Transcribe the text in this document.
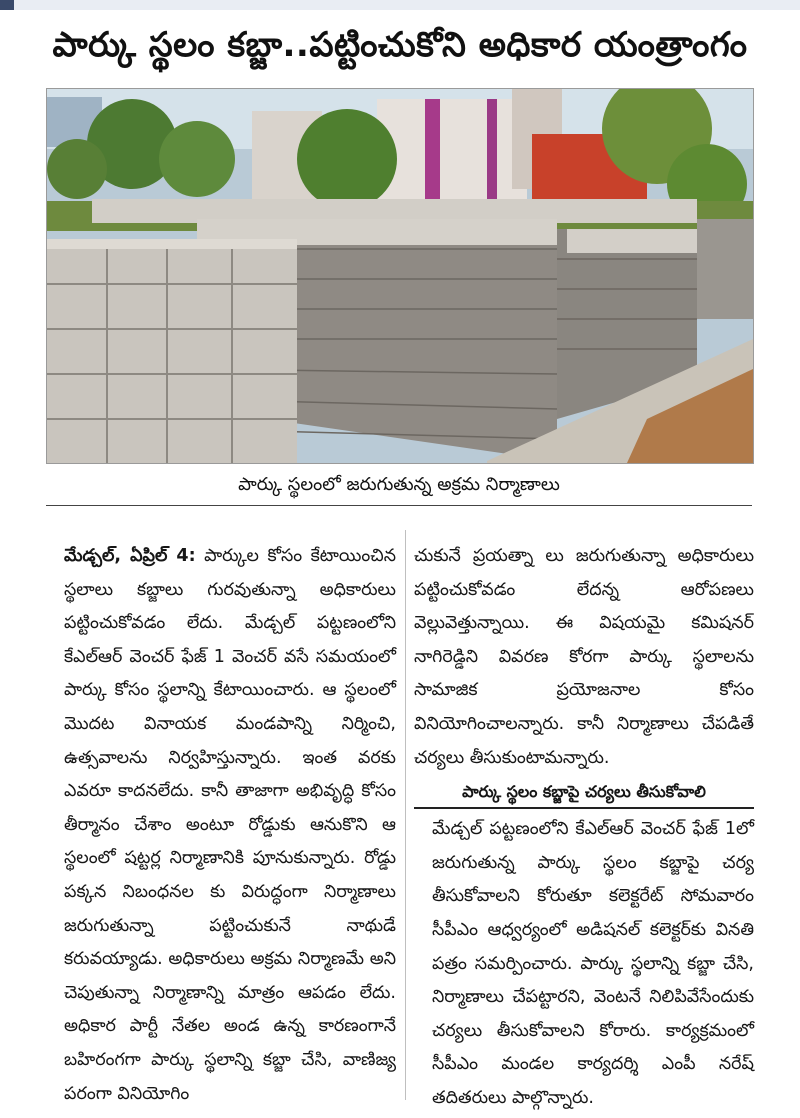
పార్కు స్థలం కబ్జా..పట్టించుకోని అధికార యంత్రాంగం
పార్కు స్థలంలో జరుగుతున్న అక్రమ నిర్మాణాలు

మేడ్చల్, ఏప్రిల్ 4: పార్కుల కోసం కేటాయించిన స్థలాలు కబ్జాలు గురవుతున్నా అధికారులు పట్టించుకోవడం లేదు. మేడ్చల్ పట్టణంలోని కేఎల్ఆర్ వెంచర్ ఫేజ్ 1 వెంచర్ వసే సమయంలో పార్కు కోసం స్థలాన్ని కేటాయించారు. ఆ స్థలంలో మొదట వినాయక మండపాన్ని నిర్మించి, ఉత్సవాలను నిర్వహిస్తున్నారు. ఇంత వరకు ఎవరూ కాదనలేదు. కానీ తాజాగా అభివృద్ధి కోసం తీర్మానం చేశాం అంటూ రోడ్డుకు ఆనుకొని ఆ స్థలంలో షట్టర్ల నిర్మాణానికి పూనుకున్నారు. రోడ్డు పక్కన నిబంధనల కు విరుద్ధంగా నిర్మాణాలు జరుగుతున్నా పట్టించుకునే నాథుడే కరువయ్యాడు. అధికారులు అక్రమ నిర్మాణమే అని చెపుతున్నా నిర్మాణాన్ని మాత్రం ఆపడం లేదు. అధికార పార్టీ నేతల అండ ఉన్న కారణంగానే బహిరంగగా పార్కు స్థలాన్ని కబ్జా చేసి, వాణిజ్య పరంగా వినియోగిం

చుకునే ప్రయత్నా లు జరుగుతున్నా అధికారులు పట్టించుకోవడం లేదన్న ఆరోపణలు వెల్లువెత్తున్నాయి. ఈ విషయమై కమిషనర్ నాగిరెడ్డిని వివరణ కోరగా పార్కు స్థలాలను సామాజిక ప్రయోజనాల కోసం వినియోగించాలన్నారు. కానీ నిర్మాణాలు చేపడితే చర్యలు తీసుకుంటామన్నారు.

పార్కు స్థలం కబ్జాపై చర్యలు తీసుకోవాలి

మేడ్చల్ పట్టణంలోని కేఎల్ఆర్ వెంచర్ ఫేజ్ 1లో జరుగుతున్న పార్కు స్థలం కబ్జాపై చర్య తీసుకోవాలని కోరుతూ కలెక్టరేట్ సోమవారం సీపీఎం ఆధ్వర్యంలో అడిషనల్ కలెక్టర్‌కు వినతి పత్రం సమర్పించారు. పార్కు స్థలాన్ని కబ్జా చేసి, నిర్మాణాలు చేపట్టారని, వెంటనే నిలిపివేసేందుకు చర్యలు తీసుకోవాలని కోరారు. కార్యక్రమంలో సీపీఎం మండల కార్యదర్శి ఎంపీ నరేష్ తదితరులు పాల్గొన్నారు.
